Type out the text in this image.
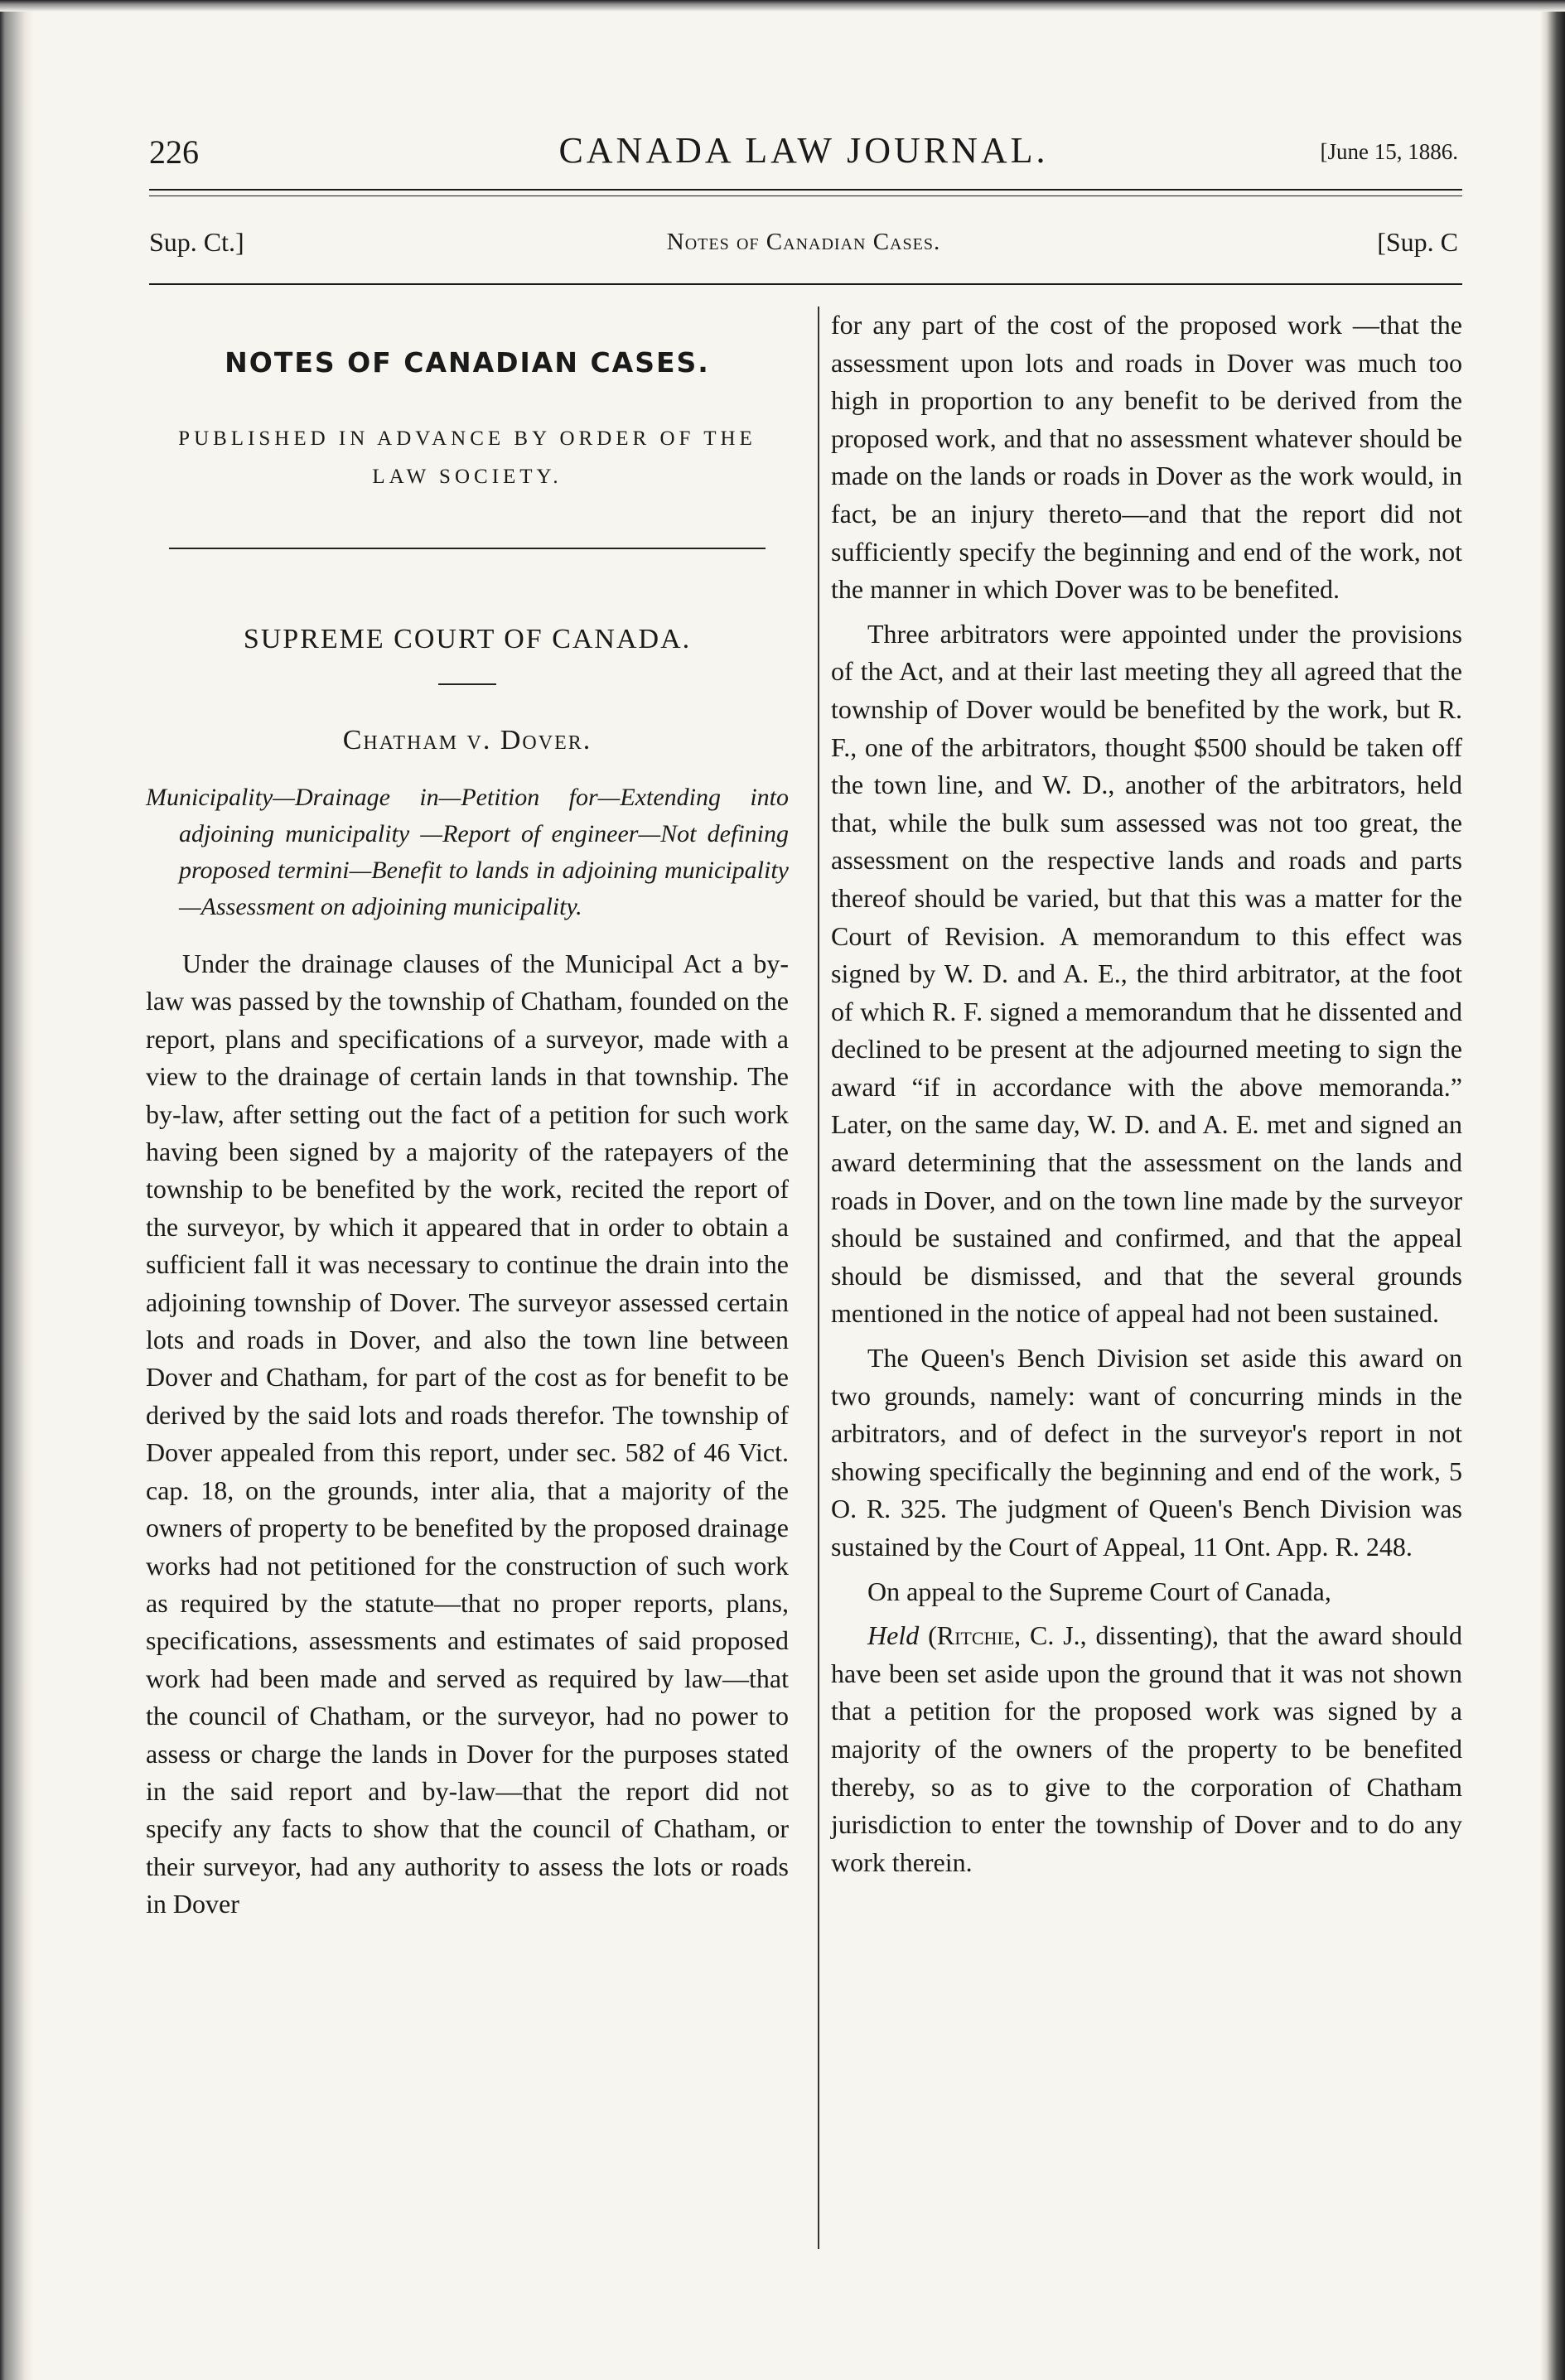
226	CANADA LAW JOURNAL.	[June 15, 1886.
Sup. Ct.]	Notes of Canadian Cases.	[Sup. C
NOTES OF CANADIAN CASES.
PUBLISHED IN ADVANCE BY ORDER OF THE LAW SOCIETY.
SUPREME COURT OF CANADA.
Chatham v. Dover.

Municipality—Drainage in—Petition for—Extending into adjoining municipality —Report of engineer—Not defining proposed termini—Benefit to lands in adjoining municipality—Assessment on adjoining municipality.

Under the drainage clauses of the Municipal Act a by-law was passed by the township of Chatham, founded on the report, plans and specifications of a surveyor, made with a view to the drainage of certain lands in that township. The by-law, after setting out the fact of a petition for such work having been signed by a majority of the ratepayers of the township to be benefited by the work, recited the report of the surveyor, by which it appeared that in order to obtain a sufficient fall it was necessary to continue the drain into the adjoining township of Dover. The surveyor assessed certain lots and roads in Dover, and also the town line between Dover and Chatham, for part of the cost as for benefit to be derived by the said lots and roads therefor. The township of Dover appealed from this report, under sec. 582 of 46 Vict. cap. 18, on the grounds, inter alia, that a majority of the owners of property to be benefited by the proposed drainage works had not petitioned for the construction of such work as required by the statute—that no proper reports, plans, specifications, assessments and estimates of said proposed work had been made and served as required by law—that the council of Chatham, or the surveyor, had no power to assess or charge the lands in Dover for the purposes stated in the said report and by-law—that the report did not specify any facts to show that the council of Chatham, or their surveyor, had any authority to assess the lots or roads in Dover

for any part of the cost of the proposed work —that the assessment upon lots and roads in Dover was much too high in proportion to any benefit to be derived from the proposed work, and that no assessment whatever should be made on the lands or roads in Dover as the work would, in fact, be an injury thereto—and that the report did not sufficiently specify the beginning and end of the work, not the manner in which Dover was to be benefited.

Three arbitrators were appointed under the provisions of the Act, and at their last meeting they all agreed that the township of Dover would be benefited by the work, but R. F., one of the arbitrators, thought $500 should be taken off the town line, and W. D., another of the arbitrators, held that, while the bulk sum assessed was not too great, the assessment on the respective lands and roads and parts thereof should be varied, but that this was a matter for the Court of Revision. A memorandum to this effect was signed by W. D. and A. E., the third arbitrator, at the foot of which R. F. signed a memorandum that he dissented and declined to be present at the adjourned meeting to sign the award “if in accordance with the above memoranda.” Later, on the same day, W. D. and A. E. met and signed an award determining that the assessment on the lands and roads in Dover, and on the town line made by the surveyor should be sustained and confirmed, and that the appeal should be dismissed, and that the several grounds mentioned in the notice of appeal had not been sustained.

The Queen's Bench Division set aside this award on two grounds, namely: want of concurring minds in the arbitrators, and of defect in the surveyor's report in not showing specifically the beginning and end of the work, 5 O. R. 325. The judgment of Queen's Bench Division was sustained by the Court of Appeal, 11 Ont. App. R. 248.

On appeal to the Supreme Court of Canada,

Held (Ritchie, C. J., dissenting), that the award should have been set aside upon the ground that it was not shown that a petition for the proposed work was signed by a majority of the owners of the property to be benefited thereby, so as to give to the corporation of Chatham jurisdiction to enter the township of Dover and to do any work therein.
